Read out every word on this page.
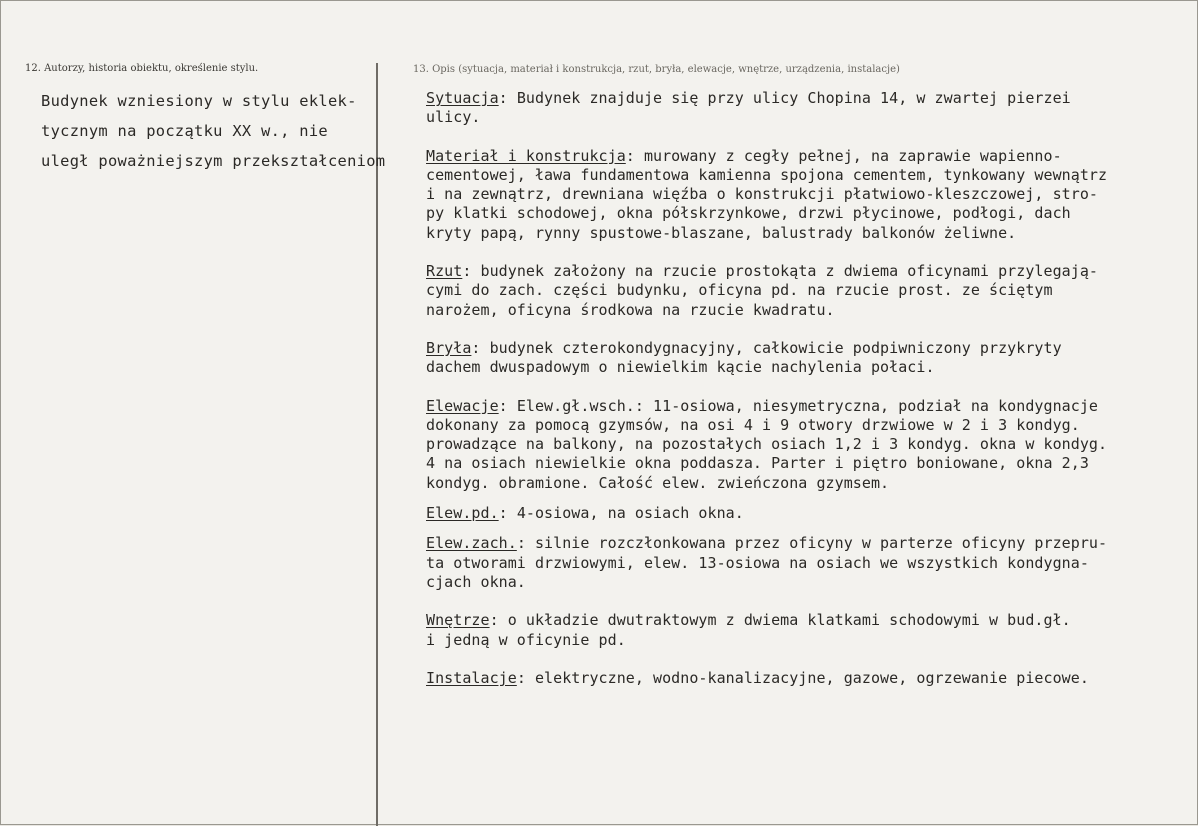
12. Autorzy, historia obiektu, określenie stylu.	13. Opis (sytuacja, materiał i konstrukcja, rzut, bryła, elewacje, wnętrze, urządzenia, instalacje)
Budynek wzniesiony w stylu eklek-
tycznym na początku XX w., nie
uległ poważniejszym przekształceniom
Sytuacja: Budynek znajduje się przy ulicy Chopina 14, w zwartej pierzei
ulicy.
Materiał i konstrukcja: murowany z cegły pełnej, na zaprawie wapienno-
cementowej, ława fundamentowa kamienna spojona cementem, tynkowany wewnątrz
i na zewnątrz, drewniana więźba o konstrukcji płatwiowo-kleszczowej, stro-
py klatki schodowej, okna półskrzynkowe, drzwi płycinowe, podłogi, dach
kryty papą, rynny spustowe-blaszane, balustrady balkonów żeliwne.
Rzut: budynek założony na rzucie prostokąta z dwiema oficynami przylegają-
cymi do zach. części budynku, oficyna pd. na rzucie prost. ze ściętym
narożem, oficyna środkowa na rzucie kwadratu.
Bryła: budynek czterokondygnacyjny, całkowicie podpiwniczony przykryty
dachem dwuspadowym o niewielkim kącie nachylenia połaci.
Elewacje: Elew.gł.wsch.: 11-osiowa, niesymetryczna, podział na kondygnacje
dokonany za pomocą gzymsów, na osi 4 i 9 otwory drzwiowe w 2 i 3 kondyg.
prowadzące na balkony, na pozostałych osiach 1,2 i 3 kondyg. okna w kondyg.
4 na osiach niewielkie okna poddasza. Parter i piętro boniowane, okna 2,3
kondyg. obramione. Całość elew. zwieńczona gzymsem.
Elew.pd.: 4-osiowa, na osiach okna.
Elew.zach.: silnie rozczłonkowana przez oficyny w parterze oficyny przepru-
ta otworami drzwiowymi, elew. 13-osiowa na osiach we wszystkich kondygna-
cjach okna.
Wnętrze: o układzie dwutraktowym z dwiema klatkami schodowymi w bud.gł.
i jedną w oficynie pd.
Instalacje: elektryczne, wodno-kanalizacyjne, gazowe, ogrzewanie piecowe.
